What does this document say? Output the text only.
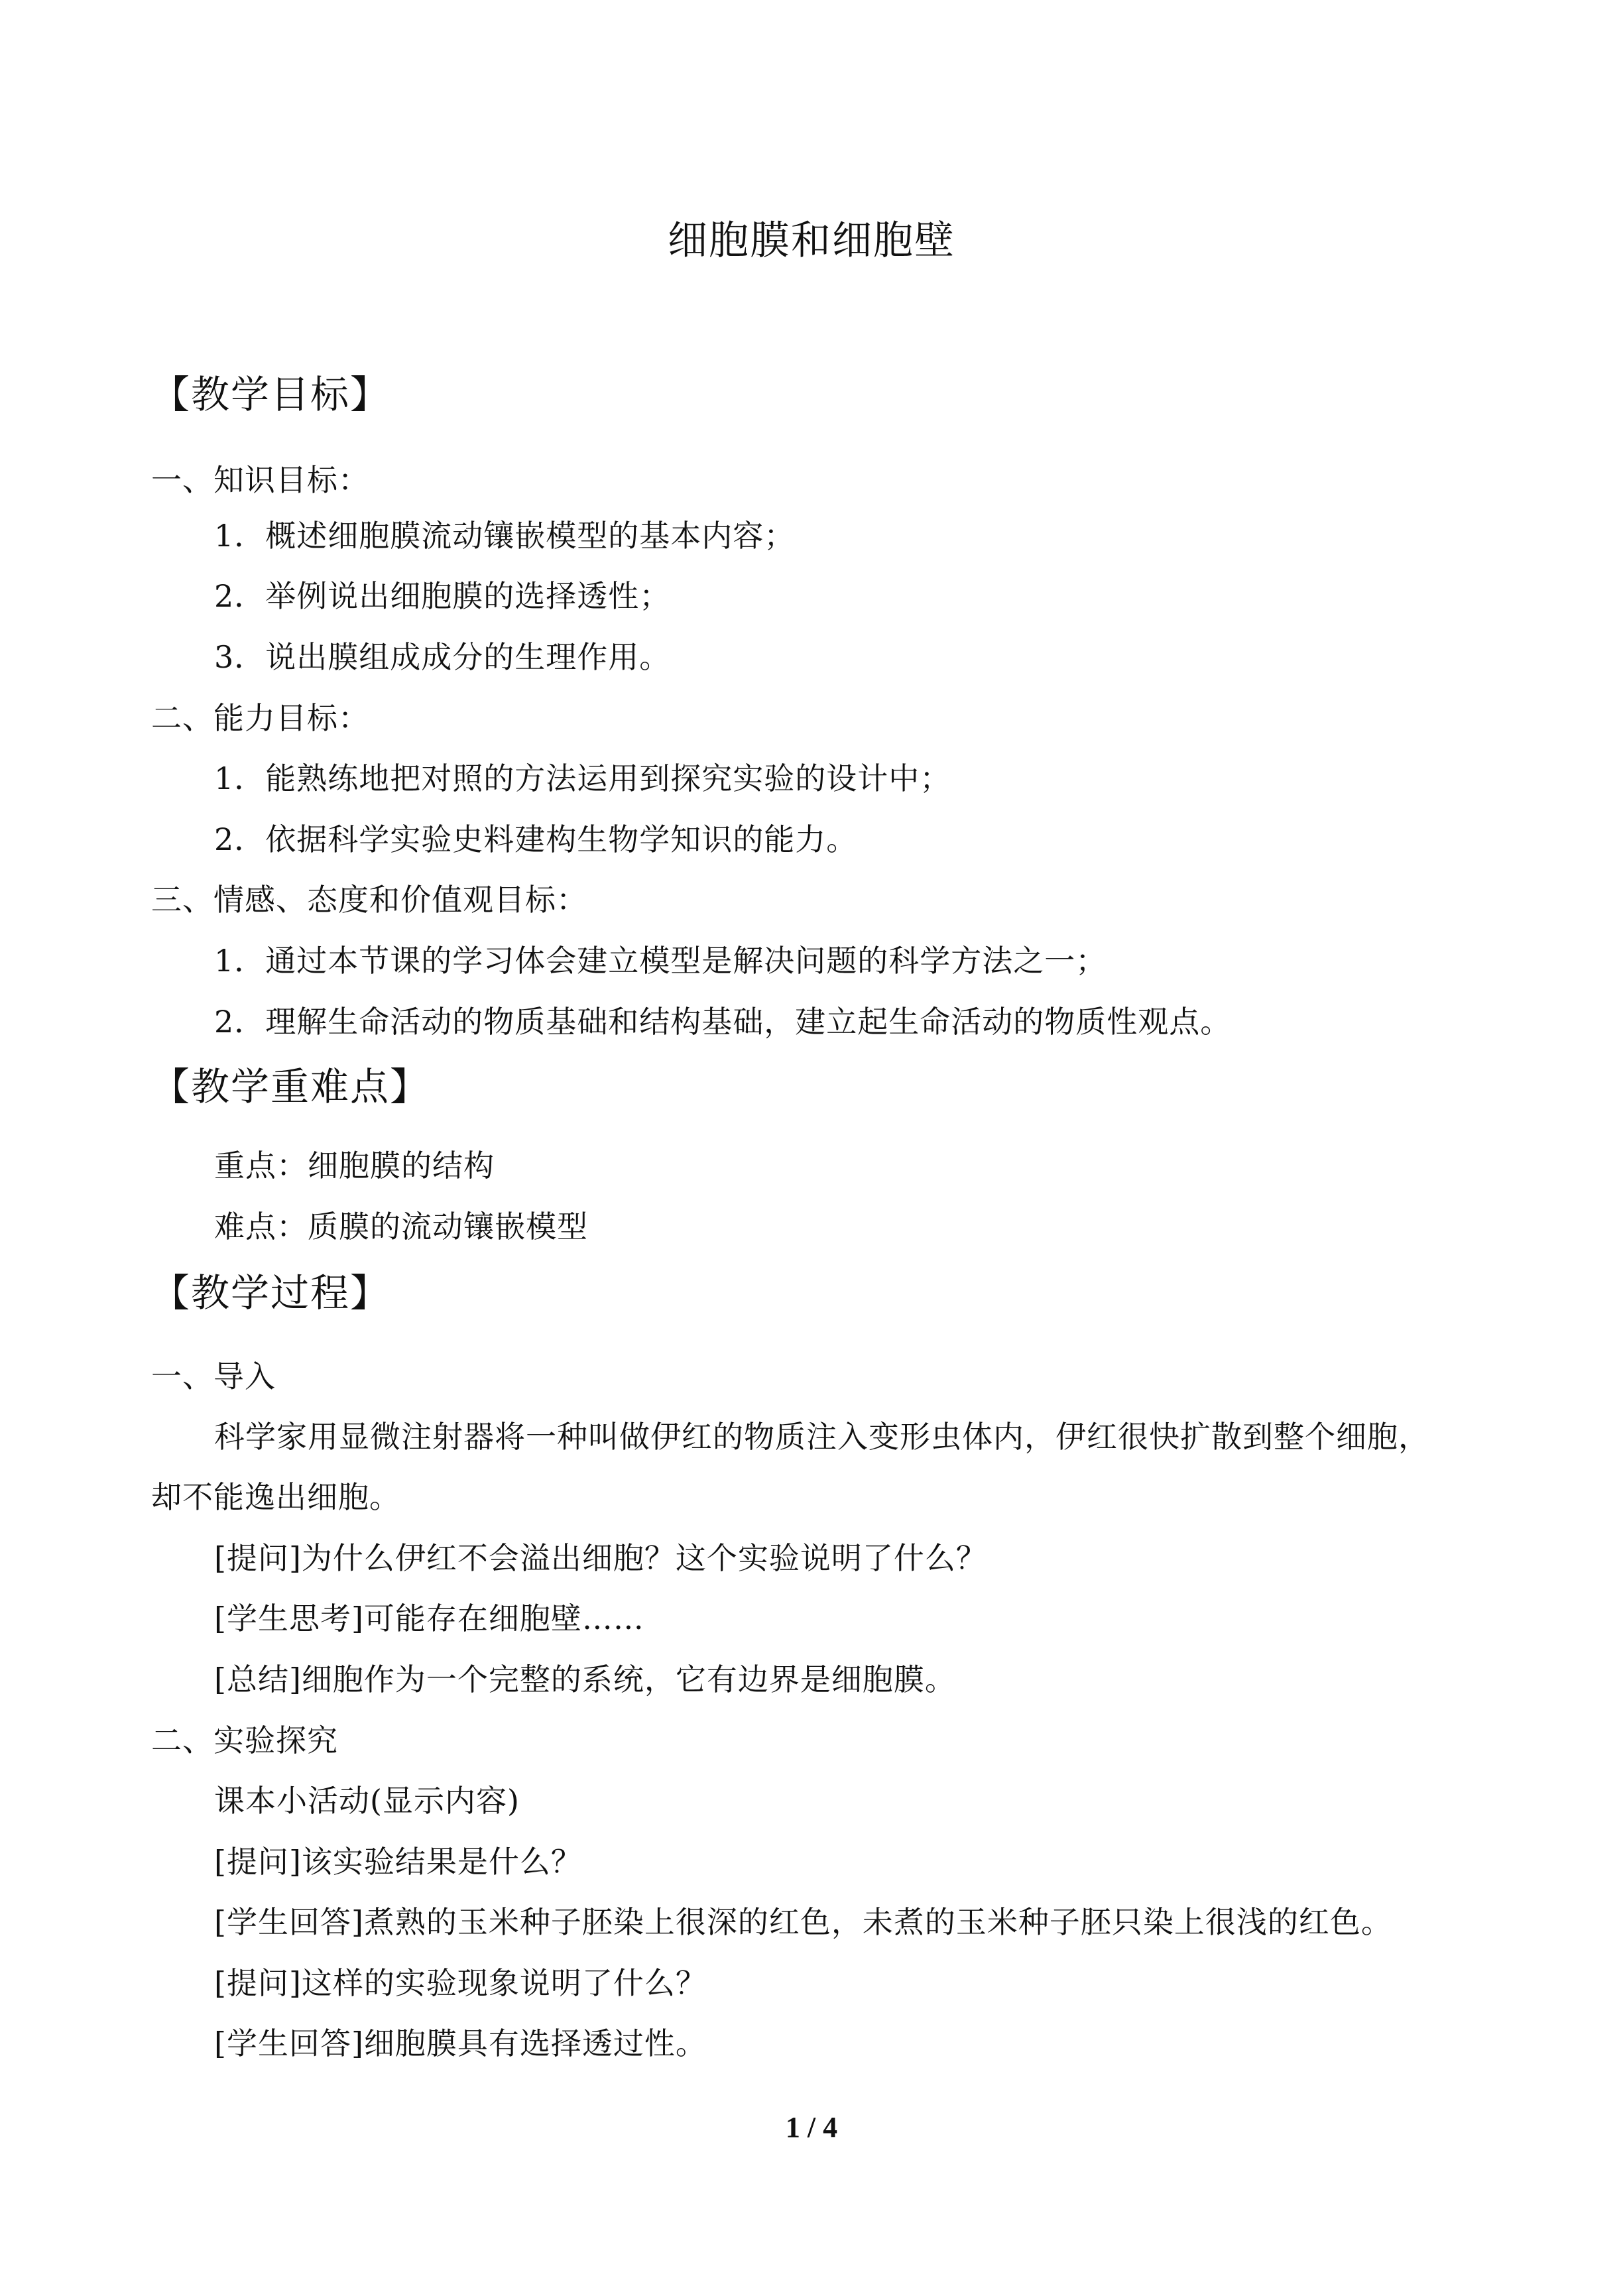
细胞膜和细胞壁
【教学目标】
一、知识目标：
1．概述细胞膜流动镶嵌模型的基本内容；
2．举例说出细胞膜的选择透性；
3．说出膜组成成分的生理作用。
二、能力目标：
1．能熟练地把对照的方法运用到探究实验的设计中；
2．依据科学实验史料建构生物学知识的能力。
三、情感、态度和价值观目标：
1．通过本节课的学习体会建立模型是解决问题的科学方法之一；
2．理解生命活动的物质基础和结构基础，建立起生命活动的物质性观点。
【教学重难点】
重点：细胞膜的结构
难点：质膜的流动镶嵌模型
【教学过程】
一、导入
科学家用显微注射器将一种叫做伊红的物质注入变形虫体内，伊红很快扩散到整个细胞，
却不能逸出细胞。
[提问]为什么伊红不会溢出细胞？这个实验说明了什么？
[学生思考]可能存在细胞壁……
[总结]细胞作为一个完整的系统，它有边界是细胞膜。
二、实验探究
课本小活动(显示内容)
[提问]该实验结果是什么？
[学生回答]煮熟的玉米种子胚染上很深的红色，未煮的玉米种子胚只染上很浅的红色。
[提问]这样的实验现象说明了什么？
[学生回答]细胞膜具有选择透过性。
1 / 4
